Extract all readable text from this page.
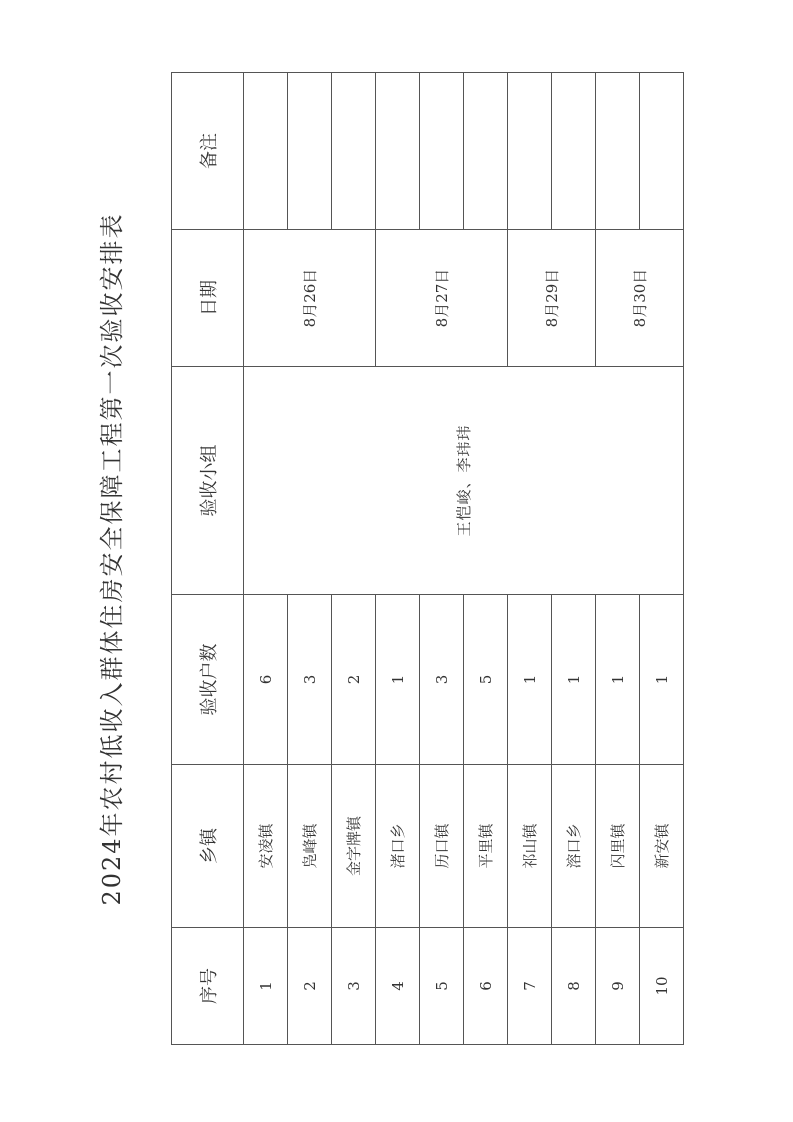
2024年农村低收入群体住房安全保障工程第一次验收安排表
序号	乡镇	验收户数	验收小组	日期	备注
1	安凌镇	6	王恺峻、李玮玮	8月26日	
2	凫峰镇	3			
3	金字牌镇	2			
4	渚口乡	1		8月27日	
5	历口镇	3			
6	平里镇	5			
7	祁山镇	1		8月29日	
8	溶口乡	1			
9	闪里镇	1		8月30日	
10	新安镇	1			
